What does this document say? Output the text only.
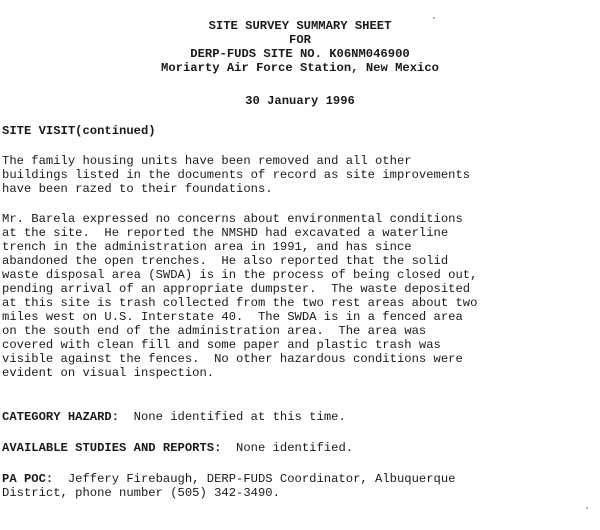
SITE SURVEY SUMMARY SHEET
FOR
DERP-FUDS SITE NO. K06NM046900
Moriarty Air Force Station, New Mexico
30 January 1996
SITE VISIT(continued)
The family housing units have been removed and all other
buildings listed in the documents of record as site improvements
have been razed to their foundations.
Mr. Barela expressed no concerns about environmental conditions
at the site.  He reported the NMSHD had excavated a waterline
trench in the administration area in 1991, and has since
abandoned the open trenches.  He also reported that the solid
waste disposal area (SWDA) is in the process of being closed out,
pending arrival of an appropriate dumpster.  The waste deposited
at this site is trash collected from the two rest areas about two
miles west on U.S. Interstate 40.  The SWDA is in a fenced area
on the south end of the administration area.  The area was
covered with clean fill and some paper and plastic trash was
visible against the fences.  No other hazardous conditions were
evident on visual inspection.
CATEGORY HAZARD:  None identified at this time.
AVAILABLE STUDIES AND REPORTS:  None identified.
PA POC:  Jeffery Firebaugh, DERP-FUDS Coordinator, Albuquerque
District, phone number (505) 342-3490.
